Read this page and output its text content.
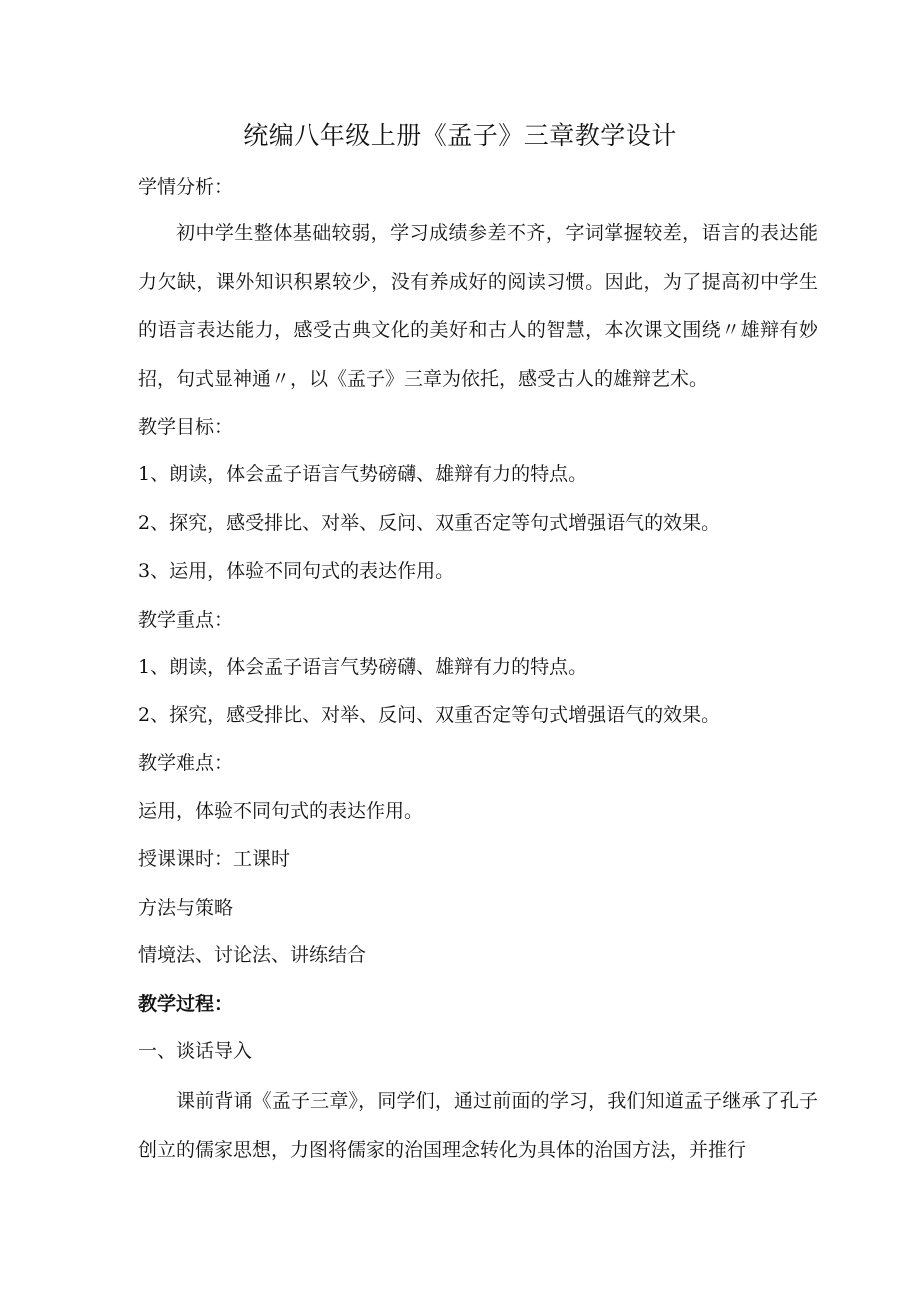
统编八年级上册《孟子》三章教学设计
学情分析：
初中学生整体基础较弱，学习成绩参差不齐，字词掌握较差，语言的表达能力欠缺，课外知识积累较少，没有养成好的阅读习惯。因此，为了提高初中学生的语言表达能力，感受古典文化的美好和古人的智慧，本次课文围绕〃雄辩有妙招，句式显神通〃，以《孟子》三章为依托，感受古人的雄辩艺术。
教学目标：
1、朗读，体会孟子语言气势磅礴、雄辩有力的特点。
2、探究，感受排比、对举、反问、双重否定等句式增强语气的效果。
3、运用，体验不同句式的表达作用。
教学重点：
1、朗读，体会孟子语言气势磅礴、雄辩有力的特点。
2、探究，感受排比、对举、反问、双重否定等句式增强语气的效果。
教学难点：
运用，体验不同句式的表达作用。
授课课时：工课时
方法与策略
情境法、讨论法、讲练结合
教学过程：
一、谈话导入
课前背诵《孟子三章》，同学们，通过前面的学习，我们知道孟子继承了孔子创立的儒家思想，力图将儒家的治国理念转化为具体的治国方法，并推行
